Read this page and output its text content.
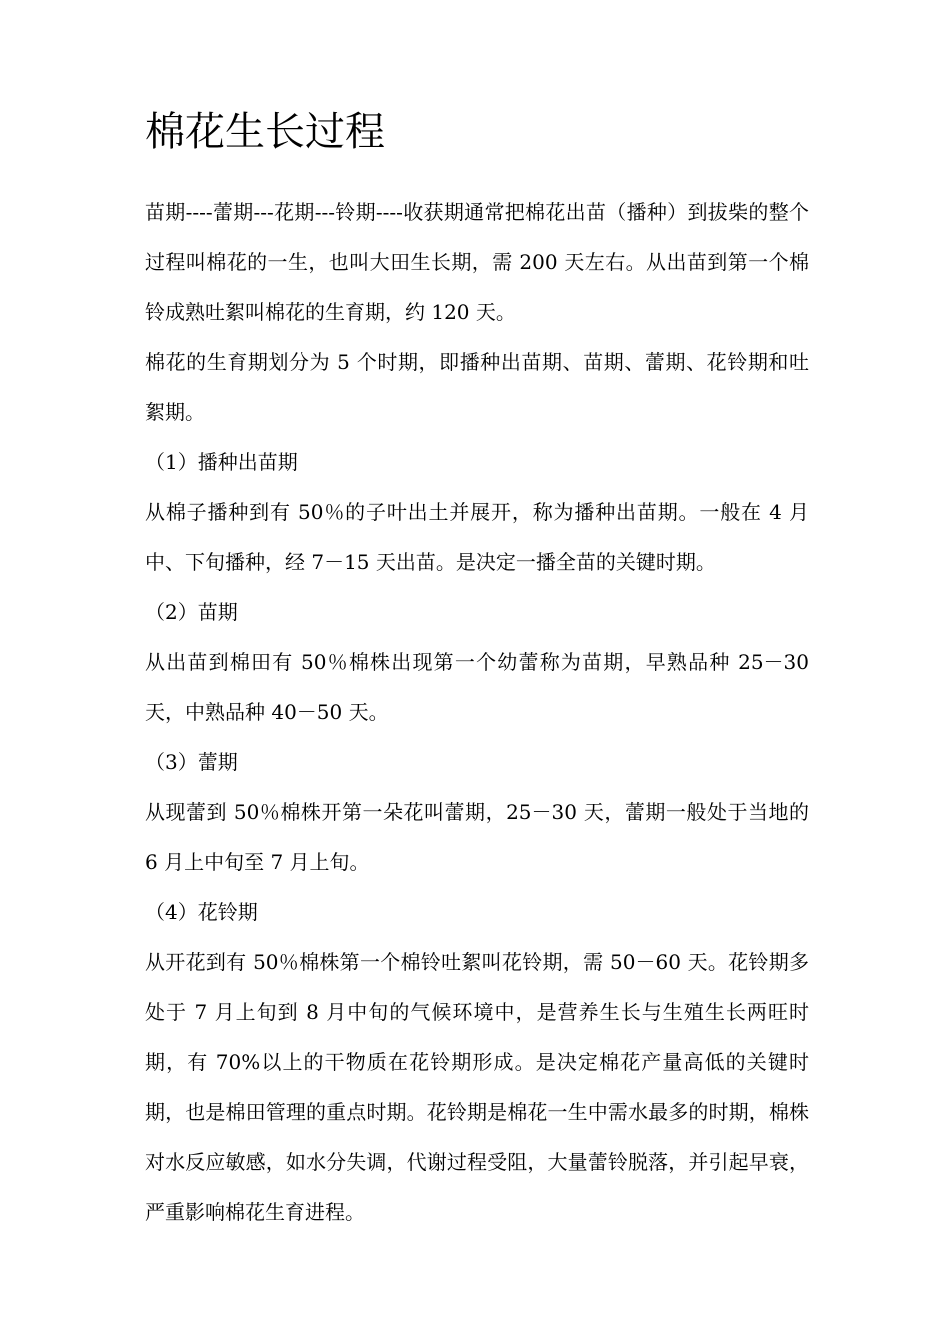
棉花生长过程

苗期----蕾期---花期---铃期----收获期通常把棉花出苗（播种）到拔柴的整个过程叫棉花的一生，也叫大田生长期，需 200 天左右。从出苗到第一个棉铃成熟吐絮叫棉花的生育期，约 120 天。

棉花的生育期划分为 5 个时期，即播种出苗期、苗期、蕾期、花铃期和吐絮期。

（1）播种出苗期

从棉子播种到有 50％的子叶出土并展开，称为播种出苗期。一般在 4 月中、下旬播种，经 7－15 天出苗。是决定一播全苗的关键时期。

（2）苗期

从出苗到棉田有 50％棉株出现第一个幼蕾称为苗期，早熟品种 25－30 天，中熟品种 40－50 天。

（3）蕾期

从现蕾到 50％棉株开第一朵花叫蕾期，25－30 天，蕾期一般处于当地的 6 月上中旬至 7 月上旬。

（4）花铃期

从开花到有 50％棉株第一个棉铃吐絮叫花铃期，需 50－60 天。花铃期多处于 7 月上旬到 8 月中旬的气候环境中，是营养生长与生殖生长两旺时期，有 70%以上的干物质在花铃期形成。是决定棉花产量高低的关键时期，也是棉田管理的重点时期。花铃期是棉花一生中需水最多的时期，棉株对水反应敏感，如水分失调，代谢过程受阻，大量蕾铃脱落，并引起早衰，严重影响棉花生育进程。
